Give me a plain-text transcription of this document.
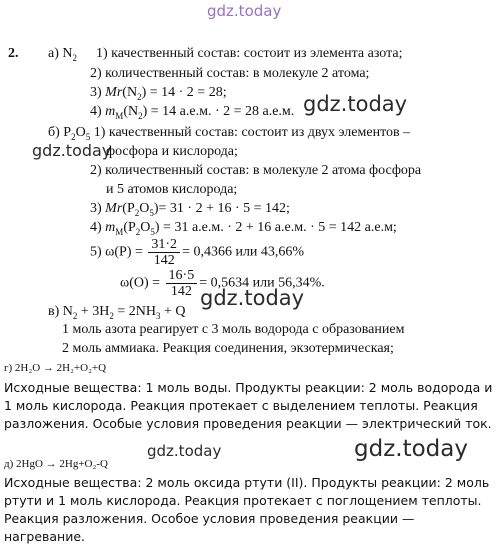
gdz.today
2. а) $N_2$ 1) качественный состав: состоит из элемента азота;
2) количественный состав: в молекуле 2 атома;
3) $Mr(N_2) = 14 \cdot 2 = 28$;
4) $m_M(N_2) = 14$ а.е.м. · 2 = 28 а.е.м. gdz.today
б) $P_2O_5$ 1) качественный состав: состоит из двух элементов –
gdz.today
фосфора и кислорода;
2) количественный состав: в молекуле 2 атома фосфора
и 5 атомов кислорода;
3) $Mr(P_2O_5)= 31 \cdot 2 + 16 \cdot 5 = 142$;
4) $m_M(P_2O_5) = 31$ а.е.м. · 2 + 16 а.е.м. · 5 = 142 а.е.м;
5) $\omega(P) = \frac{31\cdot 2}{142} = 0,4366$ или 43,66%
$\omega(O) = \frac{16\cdot 5}{142} = 0,5634$ или 56,34%.
gdz.today
в) $N_2 + 3H_2 = 2NH_3 + Q$
1 моль азота реагирует с 3 моль водорода с образованием
2 моль аммиака. Реакция соединения, экзотермическая;
г) 2H₂O → 2H₂+O₂+Q
Исходные вещества: 1 моль воды. Продукты реакции: 2 моль водорода и 1 моль кислорода. Реакция протекает с выделением теплоты. Реакция разложения. Особые условия проведения реакции — электрический ток.
gdz.today	gdz.today
д) 2HgO → 2Hg+O₂-Q
Исходные вещества: 2 моль оксида ртути (II). Продукты реакции: 2 моль ртути и 1 моль кислорода. Реакция протекает с поглощением теплоты. Реакция разложения. Особое условия проведения реакции — нагревание.
